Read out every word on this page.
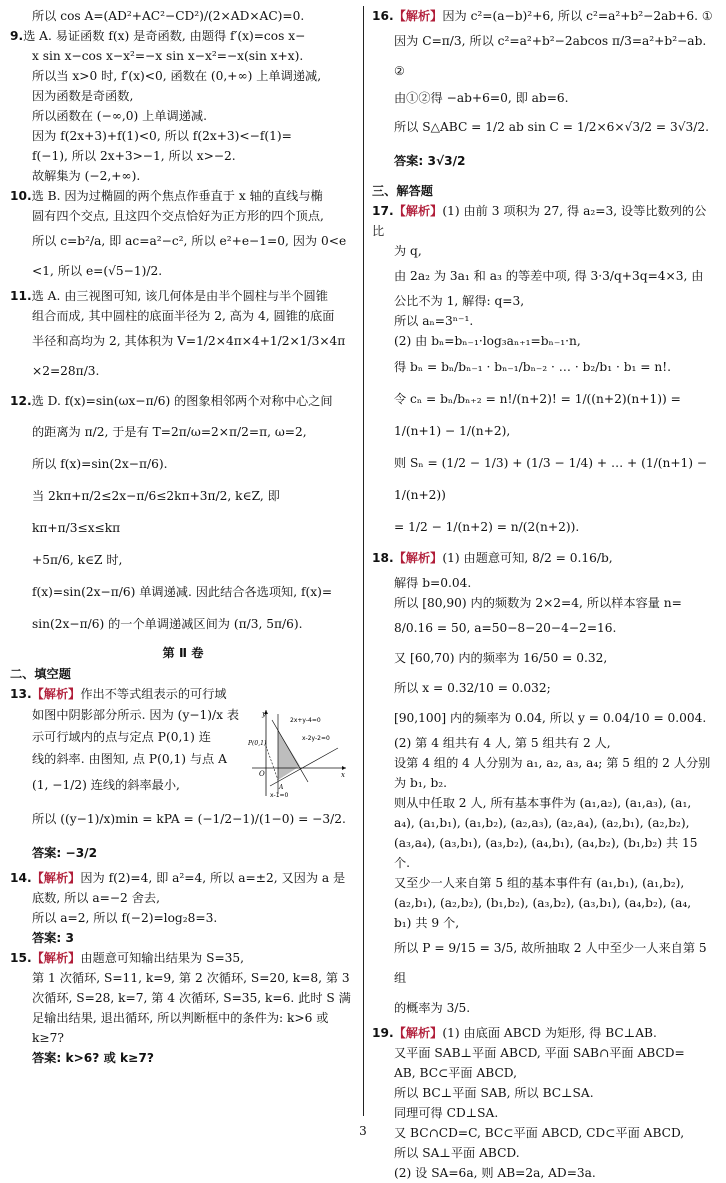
所以 cos A=(AD²+AC²−CD²)/(2×AD×AC)=0.

9.选 A. 易证函数 f(x) 是奇函数, 由题得 f′(x)=cos x−

x sin x−cos x−x²=−x sin x−x²=−x(sin x+x).

所以当 x>0 时, f′(x)<0, 函数在 (0,+∞) 上单调递减,

因为函数是奇函数,

所以函数在 (−∞,0) 上单调递减.

因为 f(2x+3)+f(1)<0, 所以 f(2x+3)<−f(1)=

f(−1), 所以 2x+3>−1, 所以 x>−2.

故解集为 (−2,+∞).

10.选 B. 因为过椭圆的两个焦点作垂直于 x 轴的直线与椭

圆有四个交点, 且这四个交点恰好为正方形的四个顶点,

所以 c=b²/a, 即 ac=a²−c², 所以 e²+e−1=0, 因为 0<e

<1, 所以 e=(√5−1)/2.

11.选 A. 由三视图可知, 该几何体是由半个圆柱与半个圆锥

组合而成, 其中圆柱的底面半径为 2, 高为 4, 圆锥的底面

半径和高均为 2, 其体积为 V=1/2×4π×4+1/2×1/3×4π

×2=28π/3.

12.选 D. f(x)=sin(ωx−π/6) 的图象相邻两个对称中心之间

的距离为 π/2, 于是有 T=2π/ω=2×π/2=π, ω=2,

所以 f(x)=sin(2x−π/6).

当 2kπ+π/2≤2x−π/6≤2kπ+3π/2, k∈Z, 即 kπ+π/3≤x≤kπ

+5π/6, k∈Z 时,

f(x)=sin(2x−π/6) 单调递减. 因此结合各选项知, f(x)=

sin(2x−π/6) 的一个单调递减区间为 (π/3, 5π/6).

第 Ⅱ 卷

二、填空题

13.【解析】作出不等式组表示的可行域

如图中阴影部分所示. 因为 (y−1)/x 表

示可行域内的点与定点 P(0,1) 连

线的斜率. 由图知, 点 P(0,1) 与点 A

(1, −1/2) 连线的斜率最小,

所以 ((y−1)/x)min = kPA = (−1/2−1)/(1−0) = −3/2.

答案: −3/2

14.【解析】因为 f(2)=4, 即 a²=4, 所以 a=±2, 又因为 a 是

底数, 所以 a=−2 舍去,

所以 a=2, 所以 f(−2)=log₂8=3.

答案: 3

15.【解析】由题意可知输出结果为 S=35,

第 1 次循环, S=11, k=9, 第 2 次循环, S=20, k=8, 第 3

次循环, S=28, k=7, 第 4 次循环, S=35, k=6. 此时 S 满

足输出结果, 退出循环, 所以判断框中的条件为: k>6 或

k≥7?

答案: k>6? 或 k≥7?

y
x
O
P(0,1)
A
2x+y-4=0
x-2y-2=0
x-1=0

16.【解析】因为 c²=(a−b)²+6, 所以 c²=a²+b²−2ab+6. ①

因为 C=π/3, 所以 c²=a²+b²−2abcos π/3=a²+b²−ab. ②

由①②得 −ab+6=0, 即 ab=6.

所以 S△ABC = 1/2 ab sin C = 1/2×6×√3/2 = 3√3/2.

答案: 3√3/2

三、解答题

17.【解析】(1) 由前 3 项积为 27, 得 a₂=3, 设等比数列的公比

为 q,

由 2a₂ 为 3a₁ 和 a₃ 的等差中项, 得 3·3/q+3q=4×3, 由

公比不为 1, 解得: q=3,

所以 aₙ=3ⁿ⁻¹.

(2) 由 bₙ=bₙ₋₁·log₃aₙ₊₁=bₙ₋₁·n,

得 bₙ = bₙ/bₙ₋₁ · bₙ₋₁/bₙ₋₂ · … · b₂/b₁ · b₁ = n!.

令 cₙ = bₙ/bₙ₊₂ = n!/(n+2)! = 1/((n+2)(n+1)) = 1/(n+1) − 1/(n+2),

则 Sₙ = (1/2 − 1/3) + (1/3 − 1/4) + … + (1/(n+1) − 1/(n+2))

= 1/2 − 1/(n+2) = n/(2(n+2)).

18.【解析】(1) 由题意可知, 8/2 = 0.16/b,

解得 b=0.04.

所以 [80,90) 内的频数为 2×2=4, 所以样本容量 n=

8/0.16 = 50, a=50−8−20−4−2=16.

又 [60,70) 内的频率为 16/50 = 0.32,

所以 x = 0.32/10 = 0.032;

[90,100] 内的频率为 0.04, 所以 y = 0.04/10 = 0.004.

(2) 第 4 组共有 4 人, 第 5 组共有 2 人,

设第 4 组的 4 人分别为 a₁, a₂, a₃, a₄; 第 5 组的 2 人分别

为 b₁, b₂.

则从中任取 2 人, 所有基本事件为 (a₁,a₂), (a₁,a₃), (a₁,

a₄), (a₁,b₁), (a₁,b₂), (a₂,a₃), (a₂,a₄), (a₂,b₁), (a₂,b₂),

(a₃,a₄), (a₃,b₁), (a₃,b₂), (a₄,b₁), (a₄,b₂), (b₁,b₂) 共 15

个.

又至少一人来自第 5 组的基本事件有 (a₁,b₁), (a₁,b₂),

(a₂,b₁), (a₂,b₂), (b₁,b₂), (a₃,b₂), (a₃,b₁), (a₄,b₂), (a₄,

b₁) 共 9 个,

所以 P = 9/15 = 3/5, 故所抽取 2 人中至少一人来自第 5 组

的概率为 3/5.

19.【解析】(1) 由底面 ABCD 为矩形, 得 BC⊥AB.

又平面 SAB⊥平面 ABCD, 平面 SAB∩平面 ABCD=

AB, BC⊂平面 ABCD,

所以 BC⊥平面 SAB, 所以 BC⊥SA.

同理可得 CD⊥SA.

又 BC∩CD=C, BC⊂平面 ABCD, CD⊂平面 ABCD,

所以 SA⊥平面 ABCD.

(2) 设 SA=6a, 则 AB=2a, AD=3a.

3
